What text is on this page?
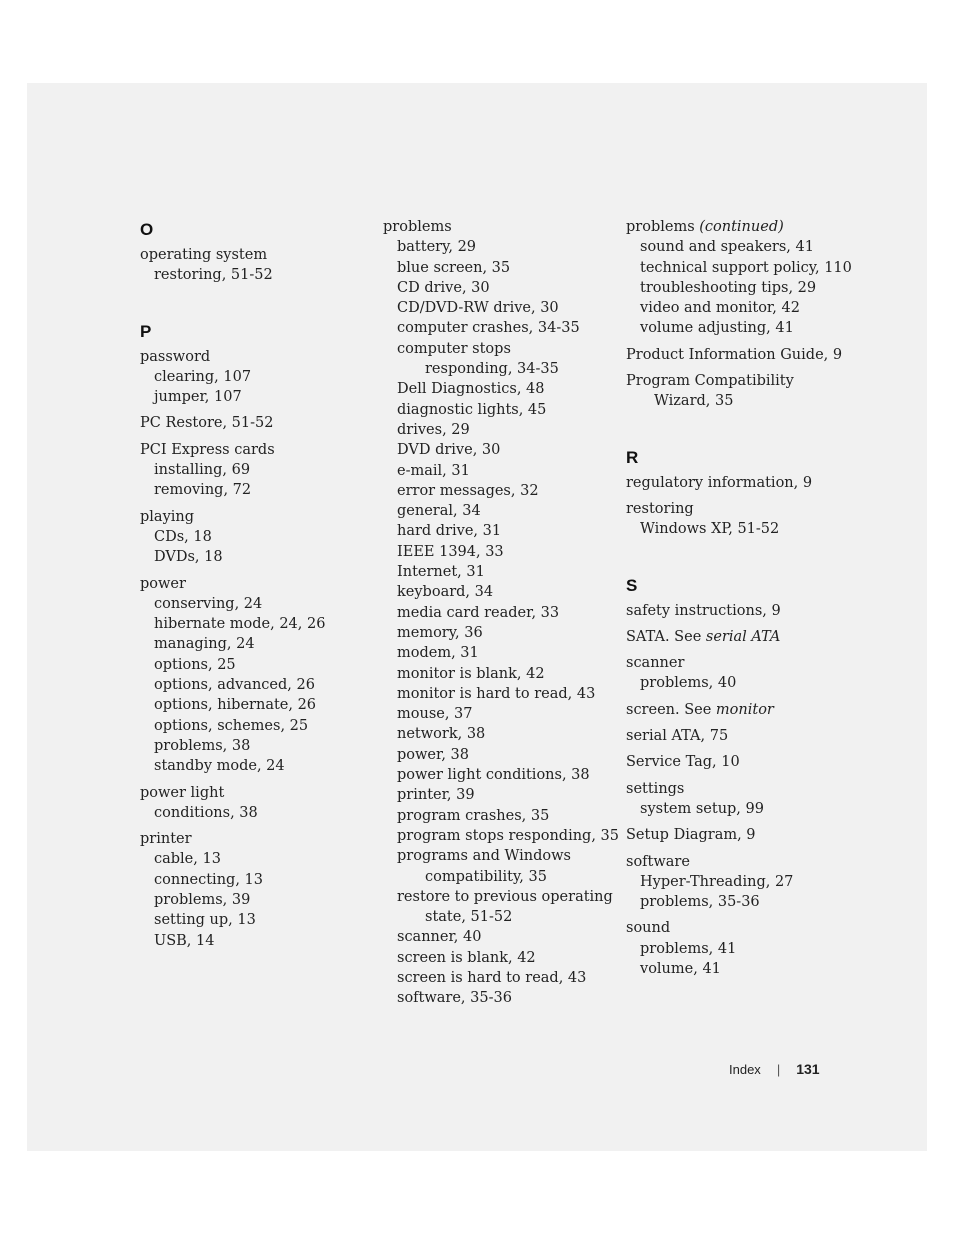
O
operating system
restoring, 51-52
P
password
clearing, 107
jumper, 107
PC Restore, 51-52
PCI Express cards
installing, 69
removing, 72
playing
CDs, 18
DVDs, 18
power
conserving, 24
hibernate mode, 24, 26
managing, 24
options, 25
options, advanced, 26
options, hibernate, 26
options, schemes, 25
problems, 38
standby mode, 24
power light
conditions, 38
printer
cable, 13
connecting, 13
problems, 39
setting up, 13
USB, 14
problems
battery, 29
blue screen, 35
CD drive, 30
CD/DVD-RW drive, 30
computer crashes, 34-35
computer stops
responding, 34-35
Dell Diagnostics, 48
diagnostic lights, 45
drives, 29
DVD drive, 30
e-mail, 31
error messages, 32
general, 34
hard drive, 31
IEEE 1394, 33
Internet, 31
keyboard, 34
media card reader, 33
memory, 36
modem, 31
monitor is blank, 42
monitor is hard to read, 43
mouse, 37
network, 38
power, 38
power light conditions, 38
printer, 39
program crashes, 35
program stops responding, 35
programs and Windows
compatibility, 35
restore to previous operating
state, 51-52
scanner, 40
screen is blank, 42
screen is hard to read, 43
software, 35-36
problems (continued)
sound and speakers, 41
technical support policy, 110
troubleshooting tips, 29
video and monitor, 42
volume adjusting, 41
Product Information Guide, 9
Program Compatibility
Wizard, 35
R
regulatory information, 9
restoring
Windows XP, 51-52
S
safety instructions, 9
SATA. See serial ATA
scanner
problems, 40
screen. See monitor
serial ATA, 75
Service Tag, 10
settings
system setup, 99
Setup Diagram, 9
software
Hyper-Threading, 27
problems, 35-36
sound
problems, 41
volume, 41
Index | 131
